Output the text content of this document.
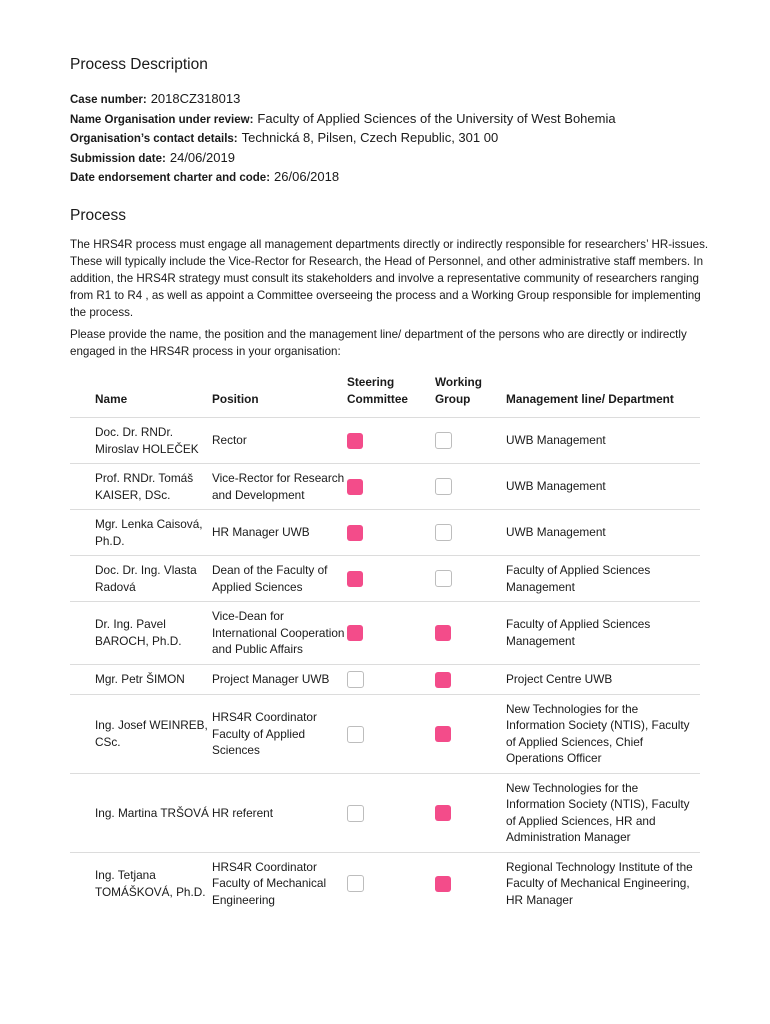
Process Description
Case number: 2018CZ318013
Name Organisation under review: Faculty of Applied Sciences of the University of West Bohemia
Organisation’s contact details: Technická 8, Pilsen, Czech Republic, 301 00
Submission date: 24/06/2019
Date endorsement charter and code: 26/06/2018
Process
The HRS4R process must engage all management departments directly or indirectly responsible for researchers’ HR-issues. These will typically include the Vice-Rector for Research, the Head of Personnel, and other administrative staff members. In addition, the HRS4R strategy must consult its stakeholders and involve a representative community of researchers ranging from R1 to R4 , as well as appoint a Committee overseeing the process and a Working Group responsible for implementing the process.
Please provide the name, the position and the management line/ department of the persons who are directly or indirectly engaged in the HRS4R process in your organisation:
Name	Position	Steering Committee	Working Group	Management line/ Department
Doc. Dr. RNDr. Miroslav HOLEČEK	Rector			UWB Management
Prof. RNDr. Tomáš KAISER, DSc.	Vice-Rector for Research and Development			UWB Management
Mgr. Lenka Caisová, Ph.D.	HR Manager UWB			UWB Management
Doc. Dr. Ing. Vlasta Radová	Dean of the Faculty of Applied Sciences			Faculty of Applied Sciences Management
Dr. Ing. Pavel BAROCH, Ph.D.	Vice-Dean for International Cooperation and Public Affairs			Faculty of Applied Sciences Management
Mgr. Petr ŠIMON	Project Manager UWB			Project Centre UWB
Ing. Josef WEINREB, CSc.	HRS4R Coordinator Faculty of Applied Sciences			New Technologies for the Information Society (NTIS), Faculty of Applied Sciences, Chief Operations Officer
Ing. Martina TRŠOVÁ	HR referent			New Technologies for the Information Society (NTIS), Faculty of Applied Sciences, HR and Administration Manager
Ing. Tetjana TOMÁŠKOVÁ, Ph.D.	HRS4R Coordinator Faculty of Mechanical Engineering			Regional Technology Institute of the Faculty of Mechanical Engineering, HR Manager
